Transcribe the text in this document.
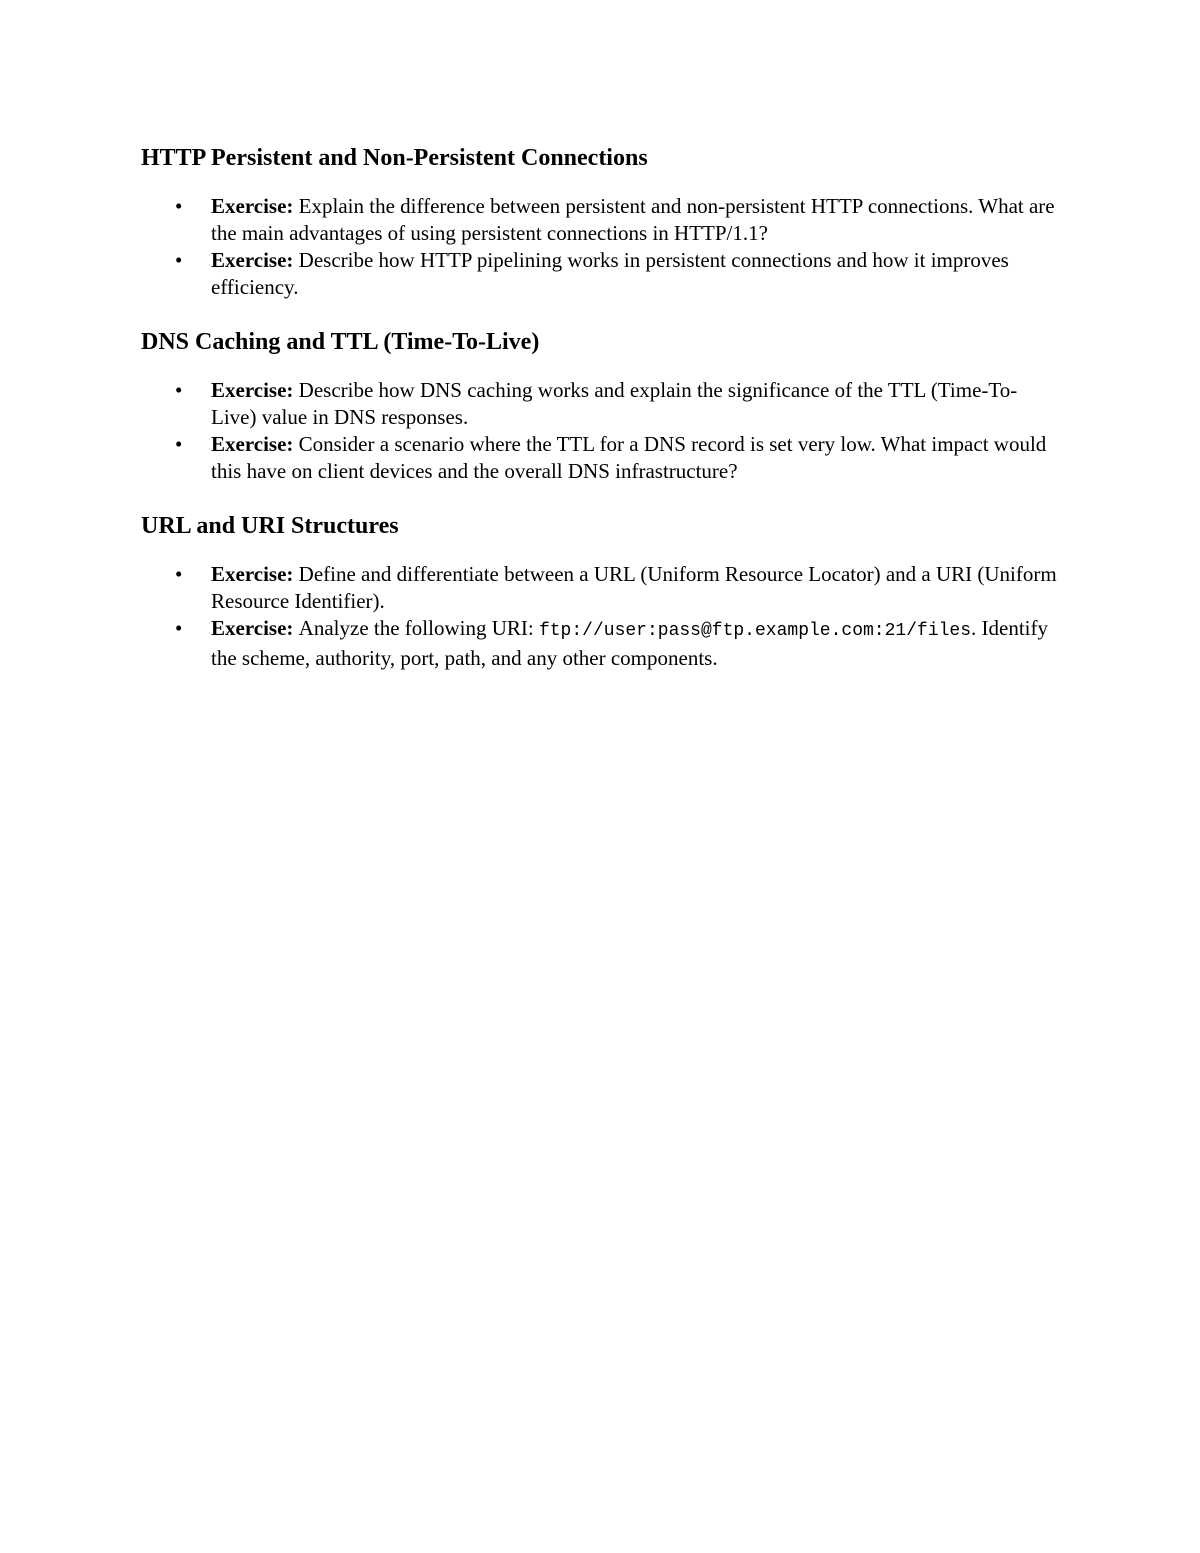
HTTP Persistent and Non-Persistent Connections
• Exercise: Explain the difference between persistent and non-persistent HTTP connections. What are the main advantages of using persistent connections in HTTP/1.1?
• Exercise: Describe how HTTP pipelining works in persistent connections and how it improves efficiency.
DNS Caching and TTL (Time-To-Live)
• Exercise: Describe how DNS caching works and explain the significance of the TTL (Time-To-Live) value in DNS responses.
• Exercise: Consider a scenario where the TTL for a DNS record is set very low. What impact would this have on client devices and the overall DNS infrastructure?
URL and URI Structures
• Exercise: Define and differentiate between a URL (Uniform Resource Locator) and a URI (Uniform Resource Identifier).
• Exercise: Analyze the following URI: ftp://user:pass@ftp.example.com:21/files. Identify the scheme, authority, port, path, and any other components.
